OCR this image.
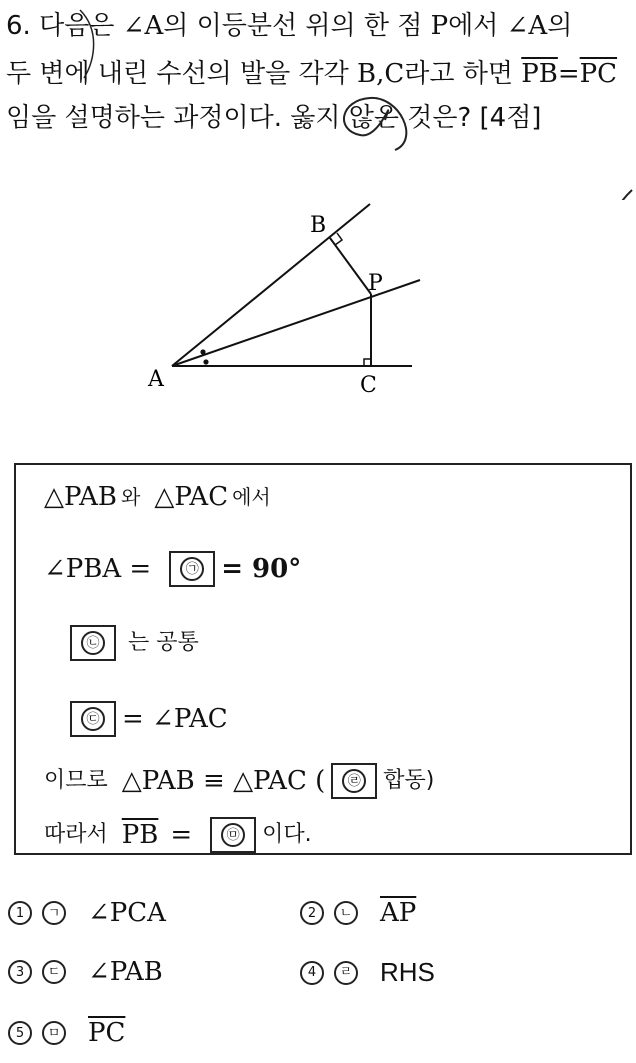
6. 다음은 ∠A의 이등분선 위의 한 점 P에서 ∠A의
두 변에 내린 수선의 발을 각각 B,C라고 하면 $\overline{PB}=\overline{PC}$
임을 설명하는 과정이다. 옳지 않은 것은? [4점]
A
B
C
P
△PAB 와 △PAC 에서
∠PBA =	㉠ = 90°
㉡ 는 공통
㉢ = ∠PAC
이므로 △PAB ≡ △PAC (	㉣ 합동)
따라서 $\overline{PB}$ =	㉤ 이다.
1	ㄱ ∠PCA	2	ㄴ $\overline{AP}$
3	ㄷ ∠PAB	4	ㄹ RHS
5	ㅁ $\overline{PC}$
